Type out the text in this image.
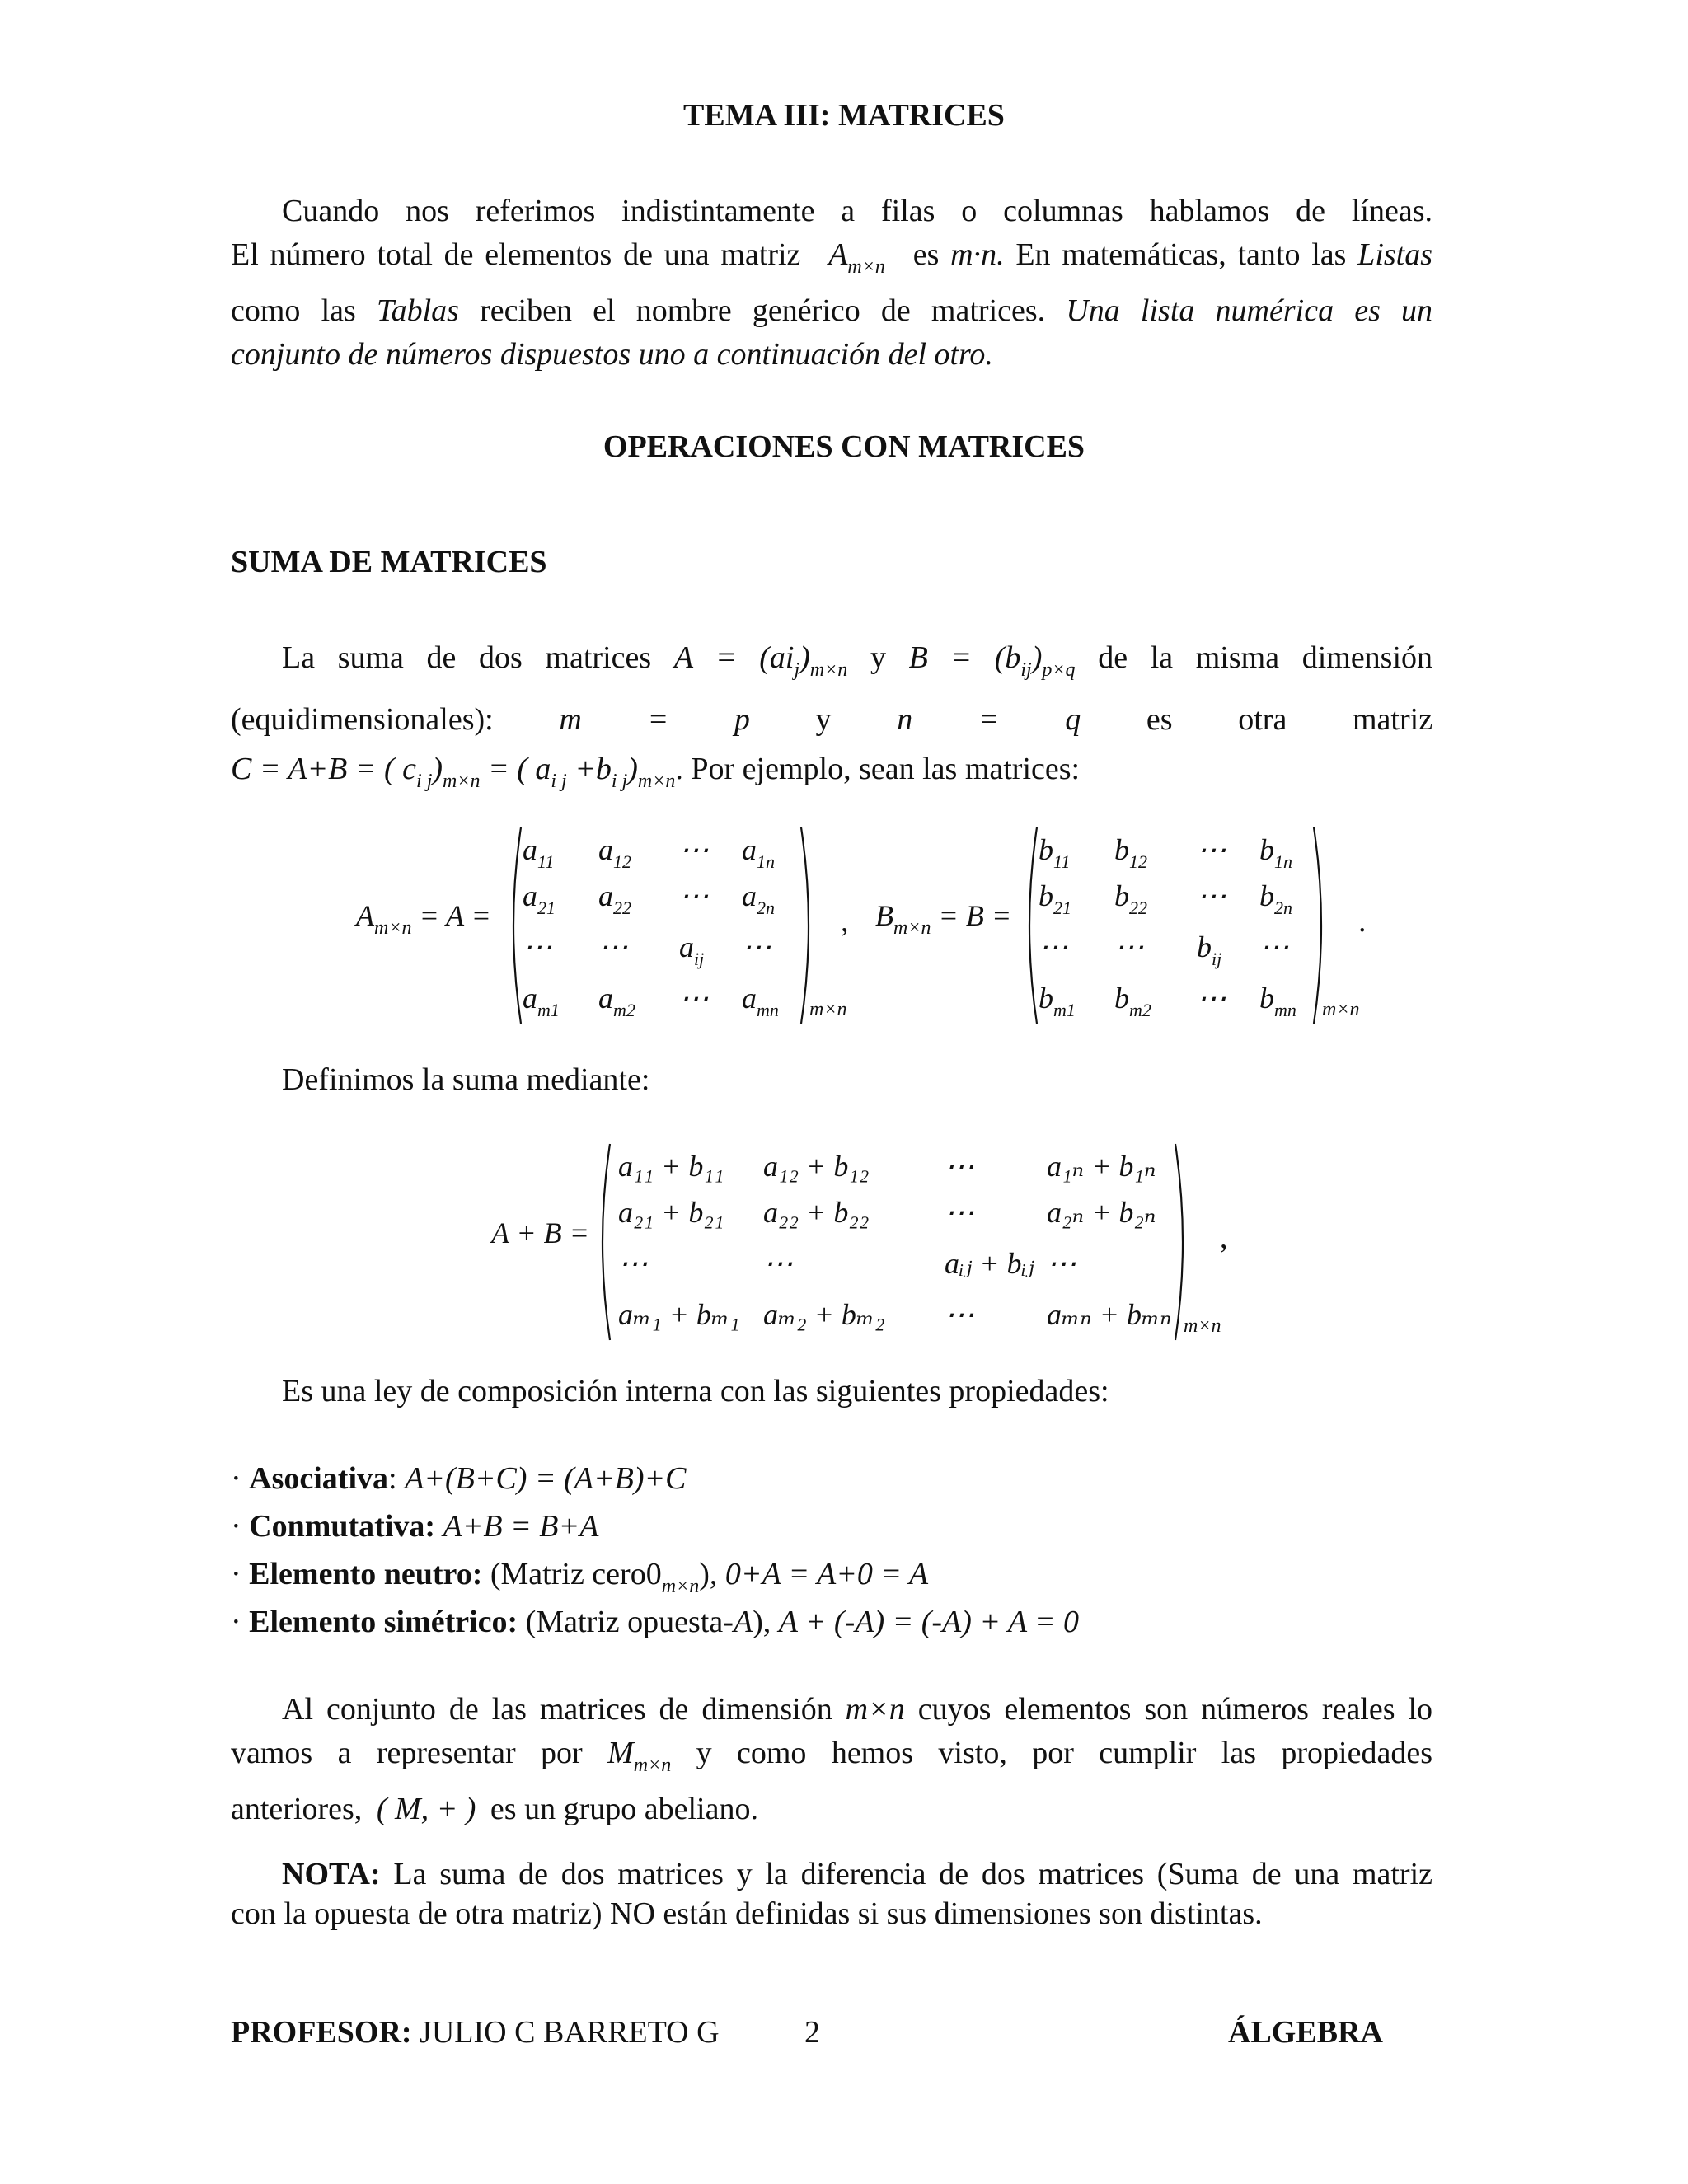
TEMA III: MATRICES
Cuando nos referimos indistintamente a filas o columnas hablamos de líneas.
El número total de elementos de una matriz $A_{m\times n}$ es m·n. En matemáticas, tanto las Listas
como las Tablas reciben el nombre genérico de matrices. Una lista numérica es un
conjunto de números dispuestos uno a continuación del otro.
OPERACIONES CON MATRICES
SUMA DE MATRICES
La suma de dos matrices $A = (ai_j)_{m\times n}$ y $B = (b_{ij})_{p\times q}$ de la misma dimensión
(equidimensionales): m = p y n = q es otra matriz
C = A+B = ( $c_{i j})_{m\times n}$ = ( $a_{i j} +b_{i j})_{m\times n}$. Por ejemplo, sean las matrices:
$A_{m\times n} = A$ =
$a_{11}$ $a_{12}$ ⋯ $a_{1n}$
$a_{21}$ $a_{22}$ ⋯ $a_{2n}$
⋯ ⋯ $a_{ij}$ ⋯
$a_{m1}$ $a_{m2}$ ⋯ $a_{mn}$ m×n
, $B_{m\times n} = B$ =
$b_{11}$ $b_{12}$ ⋯ $b_{1n}$
$b_{21}$ $b_{22}$ ⋯ $b_{2n}$
⋯ ⋯ $b_{ij}$ ⋯
$b_{m1}$ $b_{m2}$ ⋯ $b_{mn}$ m×n
.
Definimos la suma mediante:
A + B =
a₁₁ + b₁₁ a₁₂ + b₁₂	⋯ a₁ₙ + b₁ₙ
a₂₁ + b₂₁ a₂₂ + b₂₂	⋯ a₂ₙ + b₂ₙ
⋯	⋯	aᵢⱼ + bᵢⱼ ⋯
aₘ₁ + bₘ₁ aₘ₂ + bₘ₂ ⋯ aₘₙ + bₘₙ m×n
,
Es una ley de composición interna con las siguientes propiedades:
· Asociativa: A+(B+C) = (A+B)+C
· Conmutativa: A+B = B+A
· Elemento neutro: (Matriz $cero0_{m\times n}$), 0+A = A+0 = A
· Elemento simétrico: (Matriz opuesta-A), A + (-A) = (-A) + A = 0
Al conjunto de las matrices de dimensión m×n cuyos elementos son números reales lo
vamos a representar por $M_{m\times n}$ y como hemos visto, por cumplir las propiedades
anteriores, ( M, + ) es un grupo abeliano.
NOTA: La suma de dos matrices y la diferencia de dos matrices (Suma de una matriz
con la opuesta de otra matriz) NO están definidas si sus dimensiones son distintas.
PROFESOR: JULIO C BARRETO G	2	ÁLGEBRA
